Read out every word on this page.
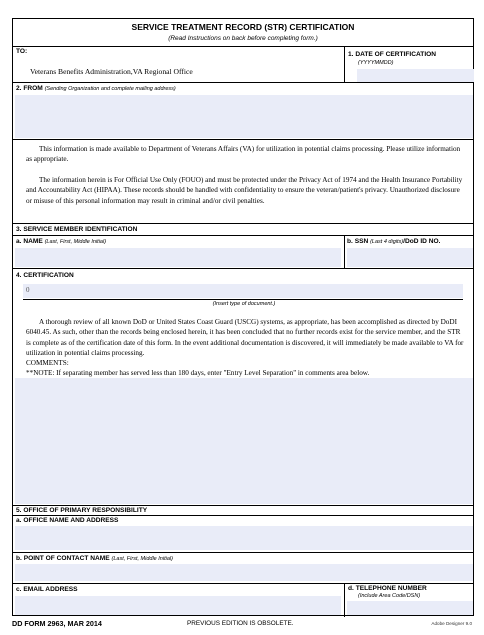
SERVICE TREATMENT RECORD (STR) CERTIFICATION
(Read Instructions on back before completing form.)
TO:
Veterans Benefits Administration,VA Regional Office
1. DATE OF CERTIFICATION
(YYYYMMDD)
2. FROM (Sending Organization and complete mailing address)
This information is made available to Department of Veterans Affairs (VA) for utilization in potential claims processing. Please utilize information as appropriate.
The information herein is For Official Use Only (FOUO) and must be protected under the Privacy Act of 1974 and the Health Insurance Portability and Accountability Act (HIPAA). These records should be handled with confidentiality to ensure the veteran/patient's privacy. Unauthorized disclosure or misuse of this personal information may result in criminal and/or civil penalties.
3. SERVICE MEMBER IDENTIFICATION
a. NAME (Last, First, Middle Initial)	b. SSN (Last 4 digits)/DoD ID NO.
4. CERTIFICATION
0
(Insert type of document.)
A thorough review of all known DoD or United States Coast Guard (USCG) systems, as appropriate, has been accomplished as directed by DoDI 6040.45. As such, other than the records being enclosed herein, it has been concluded that no further records exist for the service member, and the STR is complete as of the certification date of this form. In the event additional documentation is discovered, it will immediately be made available to VA for utilization in potential claims processing.
COMMENTS:
**NOTE: If separating member has served less than 180 days, enter "Entry Level Separation" in comments area below.
5. OFFICE OF PRIMARY RESPONSIBILITY
a. OFFICE NAME AND ADDRESS
b. POINT OF CONTACT NAME (Last, First, Middle Initial)
c. EMAIL ADDRESS	d. TELEPHONE NUMBER
(Include Area Code/DSN)
DD FORM 2963, MAR 2014	PREVIOUS EDITION IS OBSOLETE.	Adobe Designer 9.0
